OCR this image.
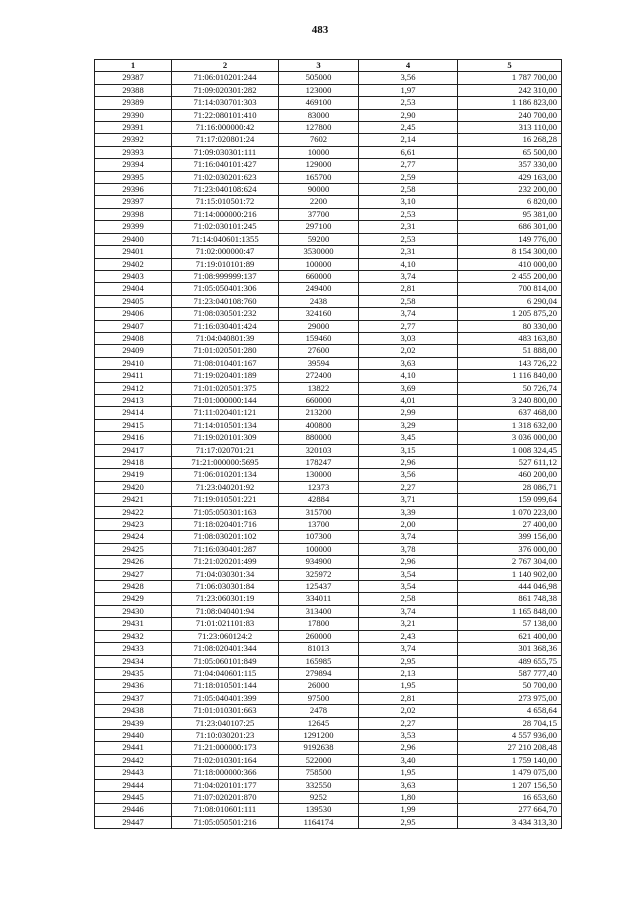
483
1	2	3	4	5
29387	71:06:010201:244	505000	3,56	1 787 700,00
29388	71:09:020301:282	123000	1,97	242 310,00
29389	71:14:030701:303	469100	2,53	1 186 823,00
29390	71:22:080101:410	83000	2,90	240 700,00
29391	71:16:000000:42	127800	2,45	313 110,00
29392	71:17:020801:24	7602	2,14	16 268,28
29393	71:09:030301:111	10000	6,61	65 500,00
29394	71:16:040101:427	129000	2,77	357 330,00
29395	71:02:030201:623	165700	2,59	429 163,00
29396	71:23:040108:624	90000	2,58	232 200,00
29397	71:15:010501:72	2200	3,10	6 820,00
29398	71:14:000000:216	37700	2,53	95 381,00
29399	71:02:030101:245	297100	2,31	686 301,00
29400	71:14:040601:1355	59200	2,53	149 776,00
29401	71:02:000000:47	3530000	2,31	8 154 300,00
29402	71:19:010101:89	100000	4,10	410 000,00
29403	71:08:999999:137	660000	3,74	2 455 200,00
29404	71:05:050401:306	249400	2,81	700 814,00
29405	71:23:040108:760	2438	2,58	6 290,04
29406	71:08:030501:232	324160	3,74	1 205 875,20
29407	71:16:030401:424	29000	2,77	80 330,00
29408	71:04:040801:39	159460	3,03	483 163,80
29409	71:01:020501:280	27600	2,02	51 888,00
29410	71:08:010401:167	39594	3,63	143 726,22
29411	71:19:020401:189	272400	4,10	1 116 840,00
29412	71:01:020501:375	13822	3,69	50 726,74
29413	71:01:000000:144	660000	4,01	3 240 800,00
29414	71:11:020401:121	213200	2,99	637 468,00
29415	71:14:010501:134	400800	3,29	1 318 632,00
29416	71:19:020101:309	880000	3,45	3 036 000,00
29417	71:17:020701:21	320103	3,15	1 008 324,45
29418	71:21:000000:5695	178247	2,96	527 611,12
29419	71:06:010201:134	130000	3,56	460 200,00
29420	71:23:040201:92	12373	2,27	28 086,71
29421	71:19:010501:221	42884	3,71	159 099,64
29422	71:05:050301:163	315700	3,39	1 070 223,00
29423	71:18:020401:716	13700	2,00	27 400,00
29424	71:08:030201:102	107300	3,74	399 156,00
29425	71:16:030401:287	100000	3,78	376 000,00
29426	71:21:020201:499	934900	2,96	2 767 304,00
29427	71:04:030301:34	325972	3,54	1 140 902,00
29428	71:06:030301:84	125437	3,54	444 046,98
29429	71:23:060301:19	334011	2,58	861 748,38
29430	71:08:040401:94	313400	3,74	1 165 848,00
29431	71:01:021101:83	17800	3,21	57 138,00
29432	71:23:060124:2	260000	2,43	621 400,00
29433	71:08:020401:344	81013	3,74	301 368,36
29434	71:05:060101:849	165985	2,95	489 655,75
29435	71:04:040601:115	279894	2,13	587 777,40
29436	71:18:010501:144	26000	1,95	50 700,00
29437	71:05:040401:399	97500	2,81	273 975,00
29438	71:01:010301:663	2478	2,02	4 658,64
29439	71:23:040107:25	12645	2,27	28 704,15
29440	71:10:030201:23	1291200	3,53	4 557 936,00
29441	71:21:000000:173	9192638	2,96	27 210 208,48
29442	71:02:010301:164	522000	3,40	1 759 140,00
29443	71:18:000000:366	758500	1,95	1 479 075,00
29444	71:04:020101:177	332550	3,63	1 207 156,50
29445	71:07:020201:870	9252	1,80	16 653,60
29446	71:08:010601:111	139530	1,99	277 664,70
29447	71:05:050501:216	1164174	2,95	3 434 313,30
